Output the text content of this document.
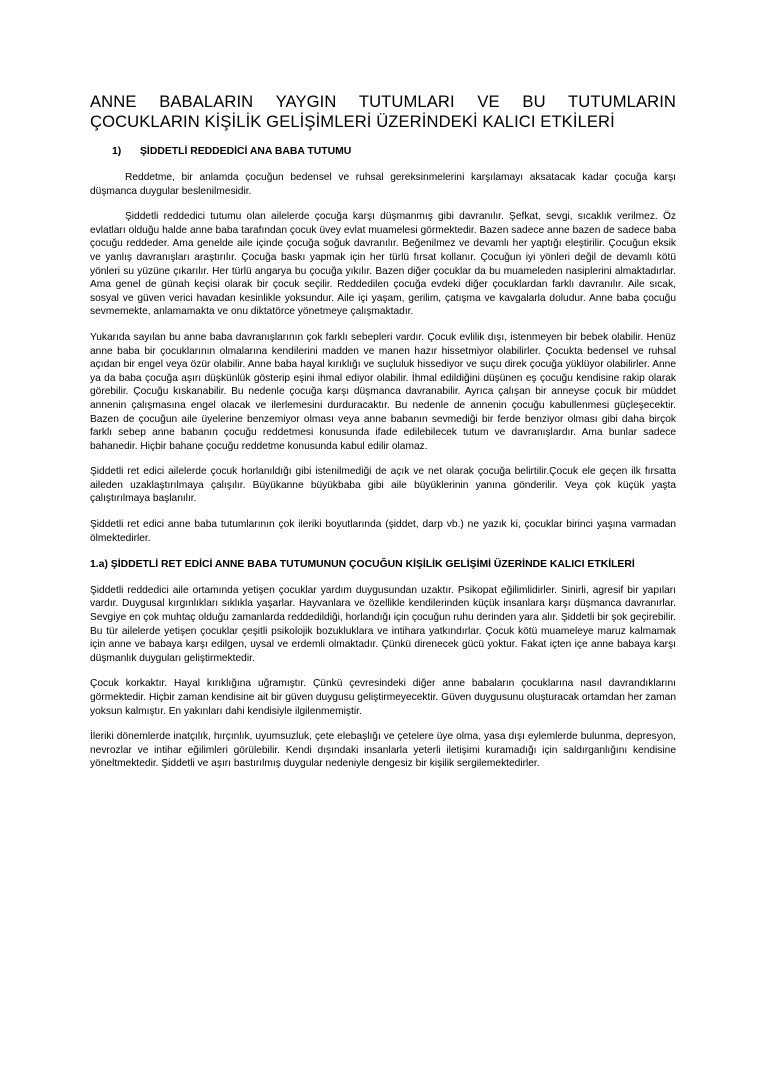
ANNE BABALARIN YAYGIN TUTUMLARI VE BU TUTUMLARIN
ÇOCUKLARIN KİŞİLİK GELİŞİMLERİ ÜZERİNDEKİ KALICI ETKİLERİ
1) ŞİDDETLİ REDDEDİCİ ANA BABA TUTUMU

Reddetme, bir anlamda çocuğun bedensel ve ruhsal gereksinmelerini karşılamayı aksatacak kadar çocuğa karşı düşmanca duygular beslenilmesidir.

Şiddetli reddedici tutumu olan ailelerde çocuğa karşı düşmanmış gibi davranılır. Şefkat, sevgi, sıcaklık verilmez. Öz evlatları olduğu halde anne baba tarafından çocuk üvey evlat muamelesi görmektedir. Bazen sadece anne bazen de sadece baba çocuğu reddeder. Ama genelde aile içinde çocuğa soğuk davranılır. Beğenilmez ve devamlı her yaptığı eleştirilir. Çocuğun eksik ve yanlış davranışları araştırılır. Çocuğa baskı yapmak için her türlü fırsat kollanır. Çocuğun iyi yönleri değil de devamlı kötü yönleri su yüzüne çıkarılır. Her türlü angarya bu çocuğa yıkılır. Bazen diğer çocuklar da bu muameleden nasiplerini almaktadırlar. Ama genel de günah keçisi olarak bir çocuk seçilir. Reddedilen çocuğa evdeki diğer çocuklardan farklı davranılır. Aile sıcak, sosyal ve güven verici havadan kesinlikle yoksundur. Aile içi yaşam, gerilim, çatışma ve kavgalarla doludur. Anne baba çocuğu sevmemekte, anlamamakta ve onu diktatörce yönetmeye çalışmaktadır.

Yukarıda sayılan bu anne baba davranışlarının çok farklı sebepleri vardır. Çocuk evlilik dışı, istenmeyen bir bebek olabilir. Henüz anne baba bir çocuklarının olmalarına kendilerini madden ve manen hazır hissetmiyor olabilirler. Çocukta bedensel ve ruhsal açıdan bir engel veya özür olabilir. Anne baba hayal kırıklığı ve suçluluk hissediyor ve suçu direk çocuğa yüklüyor olabilirler. Anne ya da baba çocuğa aşırı düşkünlük gösterip eşini ihmal ediyor olabilir. İhmal edildiğini düşünen eş çocuğu kendisine rakip olarak görebilir. Çocuğu kıskanabilir. Bu nedenle çocuğa karşı düşmanca davranabilir. Ayrıca çalışan bir anneyse çocuk bir müddet annenin çalışmasına engel olacak ve ilerlemesini durduracaktır. Bu nedenle de annenin çocuğu kabullenmesi güçleşecektir. Bazen de çocuğun aile üyelerine benzemiyor olması veya anne babanın sevmediği bir ferde benziyor olması gibi daha birçok farklı sebep anne babanın çocuğu reddetmesi konusunda ifade edilebilecek tutum ve davranışlardır. Ama bunlar sadece bahanedir. Hiçbir bahane çocuğu reddetme konusunda kabul edilir olamaz.

Şiddetli ret edici ailelerde çocuk horlanıldığı gibi istenilmediği de açık ve net olarak çocuğa belirtilir.Çocuk ele geçen ilk fırsatta aileden uzaklaştırılmaya çalışılır. Büyükanne büyükbaba gibi aile büyüklerinin yanına gönderilir. Veya çok küçük yaşta çalıştırılmaya başlanılır.

Şiddetli ret edici anne baba tutumlarının çok ileriki boyutlarında (şiddet, darp vb.) ne yazık ki, çocuklar birinci yaşına varmadan ölmektedirler.

1.a) ŞİDDETLİ RET EDİCİ ANNE BABA TUTUMUNUN ÇOCUĞUN KİŞİLİK GELİŞİMİ ÜZERİNDE KALICI ETKİLERİ

Şiddetli reddedici aile ortamında yetişen çocuklar yardım duygusundan uzaktır. Psikopat eğilimlidirler. Sinirli, agresif bir yapıları vardır. Duygusal kırgınlıkları sıklıkla yaşarlar. Hayvanlara ve özellikle kendilerinden küçük insanlara karşı düşmanca davranırlar. Sevgiye en çok muhtaç olduğu zamanlarda reddedildiği, horlandığı için çocuğun ruhu derinden yara alır. Şiddetli bir şok geçirebilir. Bu tür ailelerde yetişen çocuklar çeşitli psikolojik bozukluklara ve intihara yatkındırlar. Çocuk kötü muameleye maruz kalmamak için anne ve babaya karşı edilgen, uysal ve erdemli olmaktadır. Çünkü direnecek gücü yoktur. Fakat içten içe anne babaya karşı düşmanlık duyguları geliştirmektedir.

Çocuk korkaktır. Hayal kırıklığına uğramıştır. Çünkü çevresindeki diğer anne babaların çocuklarına nasıl davrandıklarını görmektedir. Hiçbir zaman kendisine ait bir güven duygusu geliştirmeyecektir. Güven duygusunu oluşturacak ortamdan her zaman yoksun kalmıştır. En yakınları dahi kendisiyle ilgilenmemiştir.

İleriki dönemlerde inatçılık, hırçınlık, uyumsuzluk, çete elebaşlığı ve çetelere üye olma, yasa dışı eylemlerde bulunma, depresyon, nevrozlar ve intihar eğilimleri görülebilir. Kendi dışındaki insanlarla yeterli iletişimi kuramadığı için saldırganlığını kendisine yöneltmektedir. Şiddetli ve aşırı bastırılmış duygular nedeniyle dengesiz bir kişilik sergilemektedirler.
